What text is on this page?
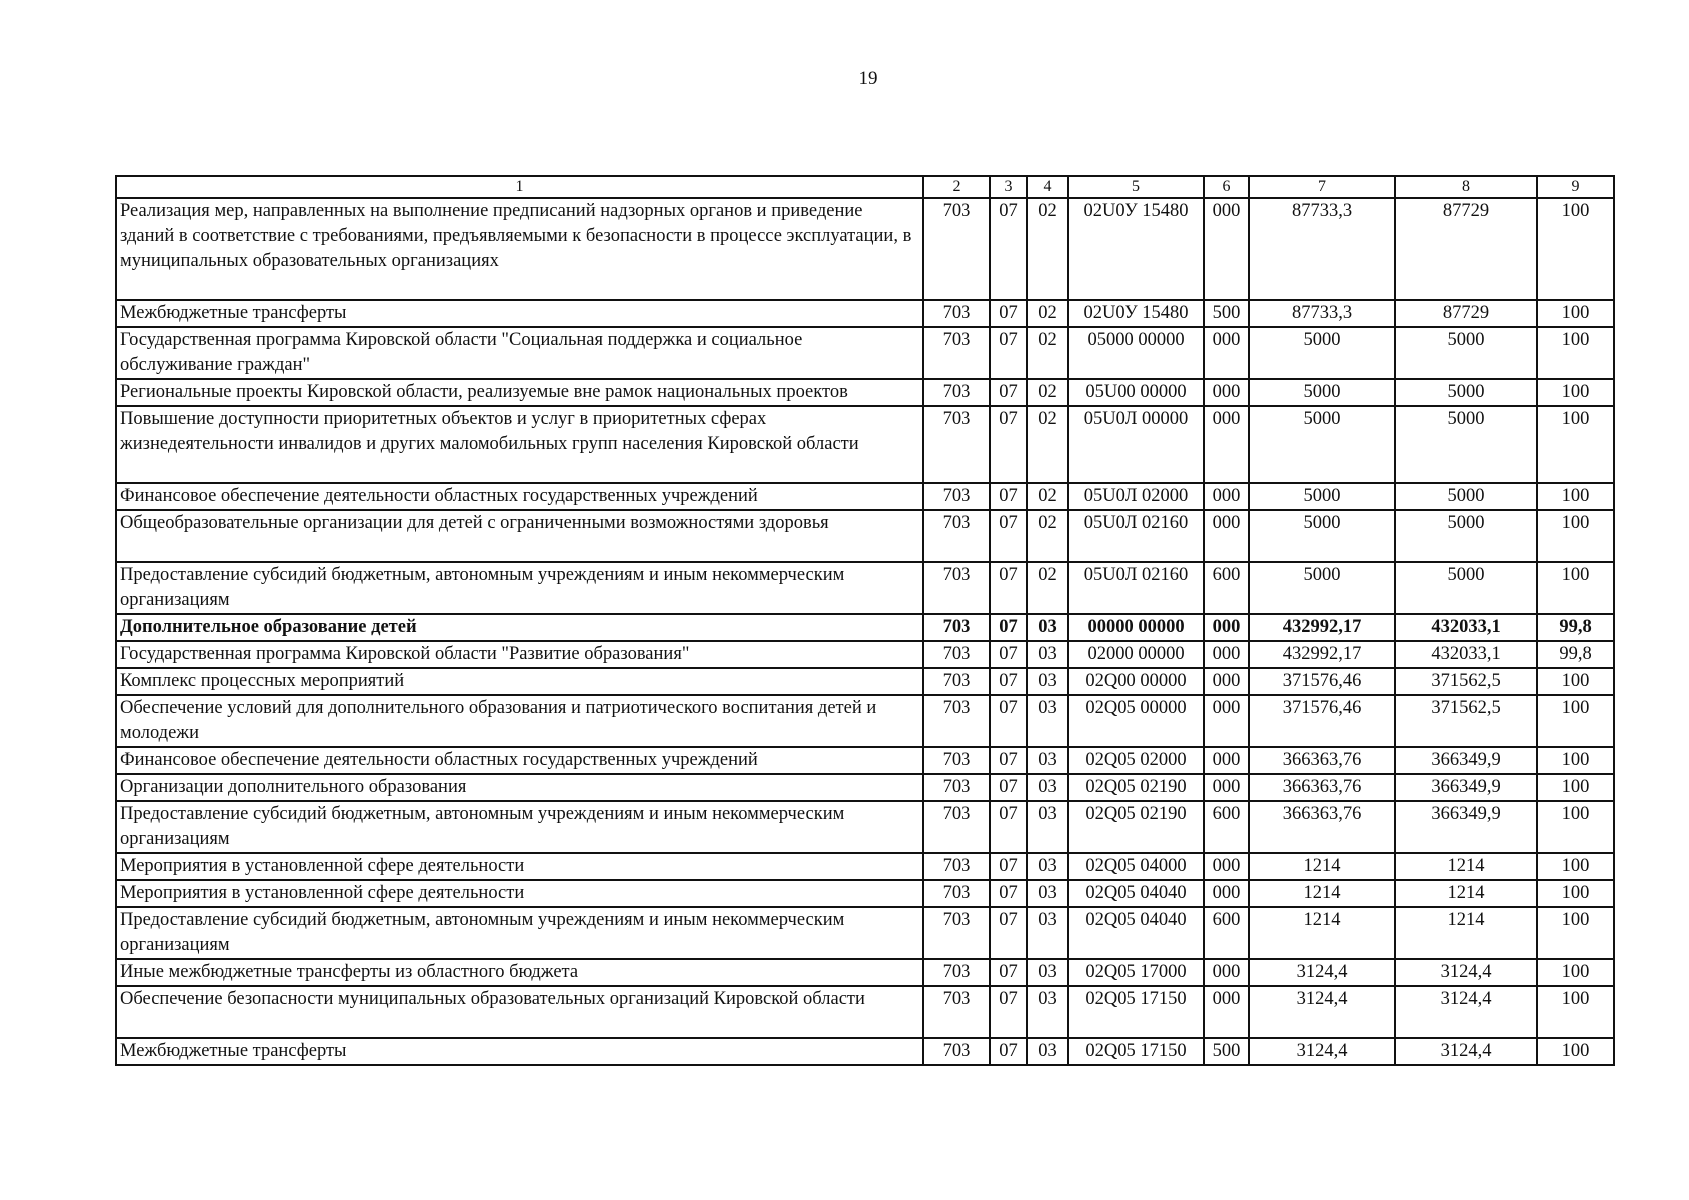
19
1	2	3	4	5	6	7	8	9
Реализация мер, направленных на выполнение предписаний надзорных органов и приведение зданий в соответствие с требованиями, предъявляемыми к безопасности в процессе эксплуатации, в муниципальных образовательных организациях	703	07	02	02U0У 15480	000	87733,3	87729	100
Межбюджетные трансферты	703	07	02	02U0У 15480	500	87733,3	87729	100
Государственная программа Кировской области "Социальная поддержка и социальное обслуживание граждан"	703	07	02	05000 00000	000	5000	5000	100
Региональные проекты Кировской области, реализуемые вне рамок национальных проектов	703	07	02	05U00 00000	000	5000	5000	100
Повышение доступности приоритетных объектов и услуг в приоритетных сферах жизнедеятельности инвалидов и других маломобильных групп населения Кировской области	703	07	02	05U0Л 00000	000	5000	5000	100
Финансовое обеспечение деятельности областных государственных учреждений	703	07	02	05U0Л 02000	000	5000	5000	100
Общеобразовательные организации для детей с ограниченными возможностями здоровья	703	07	02	05U0Л 02160	000	5000	5000	100
Предоставление субсидий бюджетным, автономным учреждениям и иным некоммерческим организациям	703	07	02	05U0Л 02160	600	5000	5000	100
Дополнительное образование детей	703	07	03	00000 00000	000	432992,17	432033,1	99,8
Государственная программа Кировской области "Развитие образования"	703	07	03	02000 00000	000	432992,17	432033,1	99,8
Комплекс процессных мероприятий	703	07	03	02Q00 00000	000	371576,46	371562,5	100
Обеспечение условий для дополнительного образования и патриотического воспитания детей и молодежи	703	07	03	02Q05 00000	000	371576,46	371562,5	100
Финансовое обеспечение деятельности областных государственных учреждений	703	07	03	02Q05 02000	000	366363,76	366349,9	100
Организации дополнительного образования	703	07	03	02Q05 02190	000	366363,76	366349,9	100
Предоставление субсидий бюджетным, автономным учреждениям и иным некоммерческим организациям	703	07	03	02Q05 02190	600	366363,76	366349,9	100
Мероприятия в установленной сфере деятельности	703	07	03	02Q05 04000	000	1214	1214	100
Мероприятия в установленной сфере деятельности	703	07	03	02Q05 04040	000	1214	1214	100
Предоставление субсидий бюджетным, автономным учреждениям и иным некоммерческим организациям	703	07	03	02Q05 04040	600	1214	1214	100
Иные межбюджетные трансферты из областного бюджета	703	07	03	02Q05 17000	000	3124,4	3124,4	100
Обеспечение безопасности муниципальных образовательных организаций Кировской области	703	07	03	02Q05 17150	000	3124,4	3124,4	100
Межбюджетные трансферты	703	07	03	02Q05 17150	500	3124,4	3124,4	100
